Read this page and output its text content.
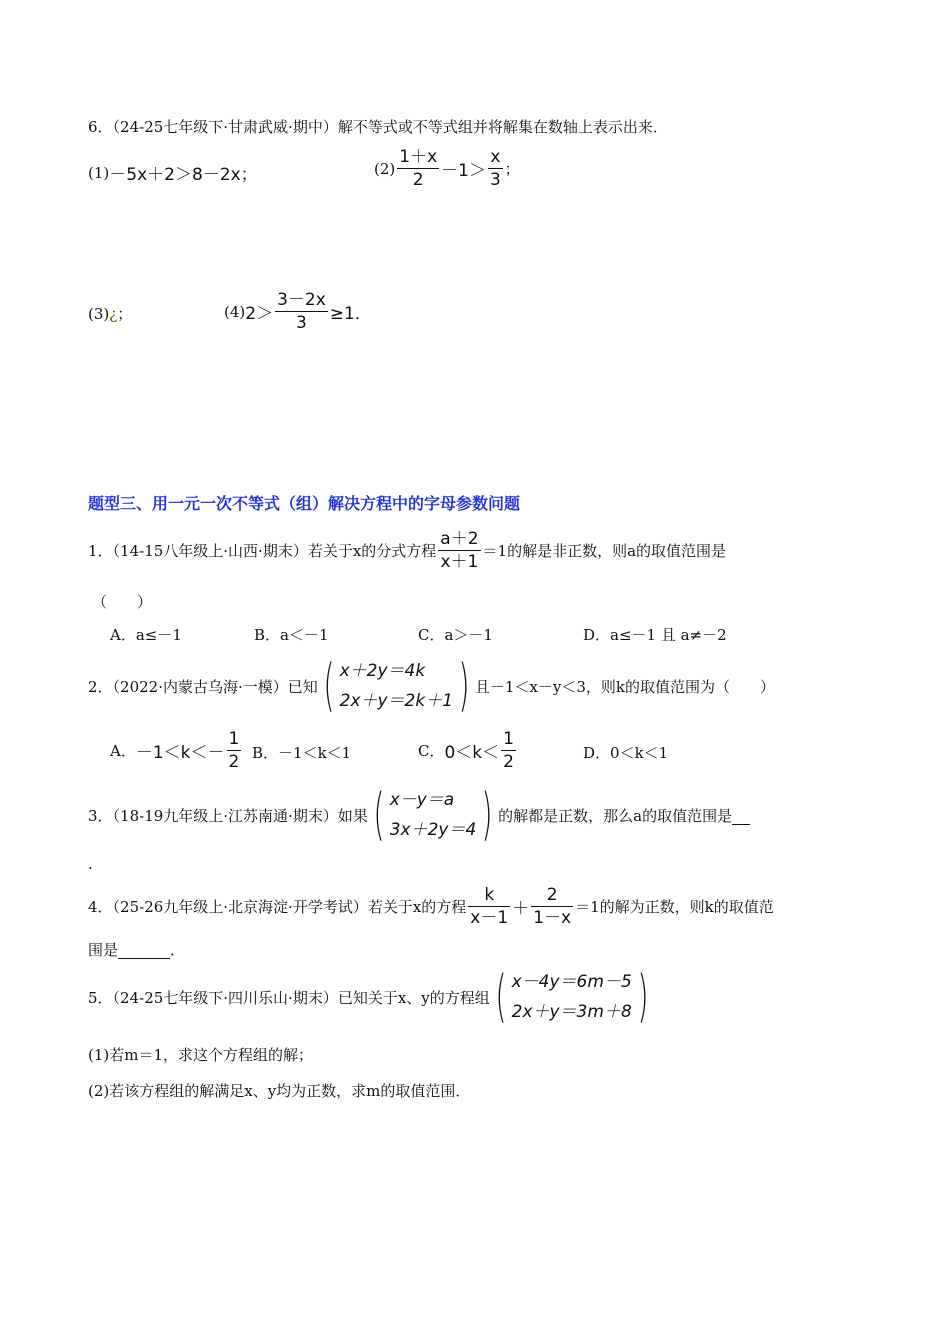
6．（24-25七年级下·甘肃武威·期中）解不等式或不等式组并将解集在数轴上表示出来．
(1) －5x＋2＞8－2x；	$(2) \frac{1+x}{2} -1> \frac{x}{3}$ ；
(3) ¿ ；	(4) $2> \frac{3-2x}{3} \ge 1$．
题型三、用一元一次不等式（组）解决方程中的字母参数问题
1．（14-15八年级上·山西·期末）若关于x的分式方程 $\frac{a+2}{x+1} =1$的解是非正数，则a的取值范围是
（　　）
A．a≤－1	B．a＜－1	C．a＞－1	D．a≤－1 且 a≠－2
2．（2022·内蒙古乌海·一模）已知 ( x＋2y＝4k
2x＋y＝2k＋1 ) 且－1＜x－y＜3，则k的取值范围为（　　）
A． $-1<k<- \frac{1}{2}$ B．－1＜k＜1	C． $0<k< \frac{1}{2}$	D．0＜k＜1
3．（18-19九年级上·江苏南通·期末）如果 ( x－y＝a
3x＋2y＝4 ) 的解都是正数，那么a的取值范围是
.
4．（25-26九年级上·北京海淀·开学考试）若关于x的方程 $\frac{k}{x-1} + \frac{2}{1-x} =1$的解为正数，则k的取值范
围是	．
5．（24-25七年级下·四川乐山·期末）已知关于x、y的方程组 ( x－4y＝6m－5
2x＋y＝3m＋8 )
(1)若m＝1，求这个方程组的解；
(2)若该方程组的解满足x、y均为正数，求m的取值范围．
